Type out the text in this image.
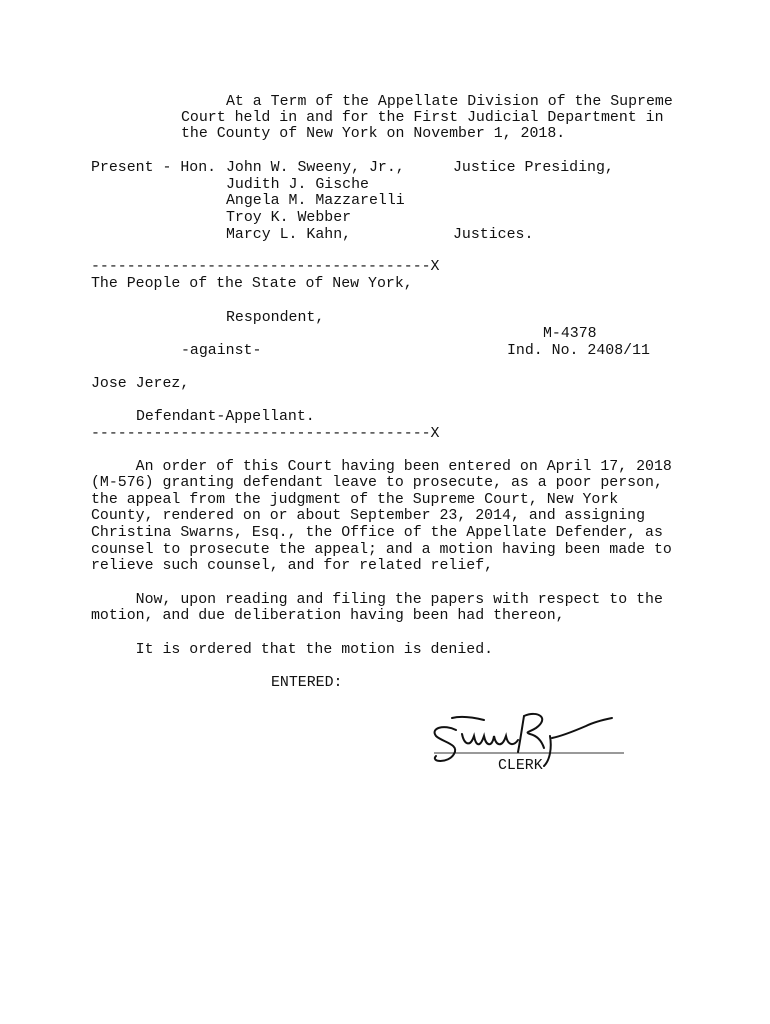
At a Term of the Appellate Division of the Supreme
Court held in and for the First Judicial Department in
the County of New York on November 1, 2018.
Present - Hon. John W. Sweeny, Jr.,	Justice Presiding,
Judith J. Gische
Angela M. Mazzarelli
Troy K. Webber
Marcy L. Kahn,	Justices.
--------------------------------------X
The People of the State of New York,
Respondent,
M-4378
-against-	Ind. No. 2408/11
Jose Jerez,
Defendant-Appellant.
--------------------------------------X
An order of this Court having been entered on April 17, 2018
(M-576) granting defendant leave to prosecute, as a poor person,
the appeal from the judgment of the Supreme Court, New York
County, rendered on or about September 23, 2014, and assigning
Christina Swarns, Esq., the Office of the Appellate Defender, as
counsel to prosecute the appeal; and a motion having been made to
relieve such counsel, and for related relief,
Now, upon reading and filing the papers with respect to the
motion, and due deliberation having been had thereon,
It is ordered that the motion is denied.
ENTERED:
CLERK
